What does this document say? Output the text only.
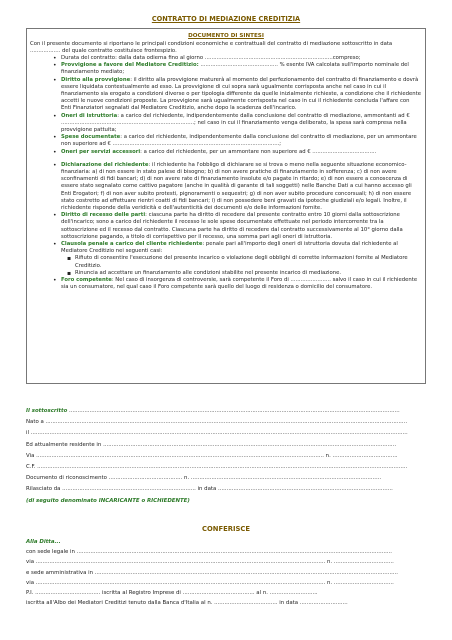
CONTRATTO DI MEDIAZIONE CREDITIZIA
DOCUMENTO DI SINTESI
Con il presente documento si riportano le principali condizioni economiche e contrattuali del contratto di mediazione sottoscritto in data .................. del quale contratto costituisce frontespizio.
• Durata del contratto: dalla data odierna fino al giorno ............................................................................compreso;
• Provvigione a favore del Mediatore Creditizio: .............................................. % esente IVA calcolata sull'importo nominale del finanziamento mediato;
• Diritto alla provvigione: il diritto alla provvigione maturerà al momento del perfezionamento del contratto di finanziamento e dovrà essere liquidata contestualmente ad esso. La provvigione di cui sopra sarà ugualmente corrisposta anche nel caso in cui il finanziamento sia erogato a condizioni diverse o per tipologia differente da quelle inizialmente richieste, a condizione che il richiedente accetti le nuove condizioni proposte. La provvigione sarà ugualmente corrisposta nel caso in cui il richiedente concluda l'affare con Enti Finanziatori segnalati dal Mediatore Creditizio, anche dopo la scadenza dell'incarico.
• Oneri di istruttoria: a carico del richiedente, indipendentemente dalla conclusione del contratto di mediazione, ammontanti ad € ...............................................................................; nel caso in cui il finanziamento venga deliberato, la spesa sarà compresa nella provvigione pattuita;
• Spese documentate: a carico del richiedente, indipendentemente dalla conclusione del contratto di mediazione, per un ammontare non superiore ad € ...................................................................................................;
• Oneri per servizi accessori: a carico del richiedente, per un ammontare non superiore ad € ......................................
• Dichiarazione del richiedente: il richiedente ha l'obbligo di dichiarare se si trova o meno nella seguente situazione economico-finanziaria: a) di non essere in stato palese di bisogno; b) di non avere pratiche di finanziamento in sofferenza; c) di non avere sconfinamenti di fidi bancari; d) di non avere rate di finanziamento insolute e/o pagate in ritardo; e) di non essere a conoscenza di essere stato segnalato come cattivo pagatore (anche in qualità di garante di tali soggetti) nelle Banche Dati a cui hanno accesso gli Enti Erogatori; f) di non aver subito protesti, pignoramenti o sequestri; g) di non aver subito procedure concorsuali; h) di non essere stato costretto ad effettuare rientri coatti di fidi bancari; i) di non possedere beni gravati da ipoteche giudiziali e/o legali. Inoltre, il richiedente risponde della veridicità e dell'autenticità dei documenti e/o delle informazioni fornite.
• Diritto di recesso delle parti: ciascuna parte ha diritto di recedere dal presente contratto entro 10 giorni dalla sottoscrizione dell'incarico; sono a carico del richiedente il recesso le sole spese documentate effettuate nel periodo intercorrente tra la sottoscrizione ed il recesso dal contratto. Ciascuna parte ha diritto di recedere dal contratto successivamente al 10° giorno dalla sottoscrizione pagando, a titolo di corrispettivo per il recesso, una somma pari agli oneri di istruttoria.
• Clausola penale a carico del cliente richiedente: penale pari all'importo degli oneri di istruttoria dovuta dal richiedente al Mediatore Creditizio nei seguenti casi:
▪ Rifiuto di consentire l'esecuzione del presente incarico o violazione degli obblighi di corrette informazioni fornite al Mediatore Creditizio.
▪ Rinuncia ad accettare un finanziamento alle condizioni stabilite nel presente incarico di mediazione.
• Foro competente: Nel caso di insorgenza di controversie, sarà competente il Foro di ........................ salvo il caso in cui il richiedente sia un consumatore, nel qual caso il Foro competente sarà quello del luogo di residenza o domicilio del consumatore.
Il sottoscritto .................................................................................................................................................................................................
Nato a ...................................................................................................................................................................................................................
il ............................................................................................................................................................................................................................
Ed attualmente residente in ...........................................................................................................................................................................
Via ........................................................................................................................................................................ n. ......................................
C.F. ........................................................................................................................................................................................................................
Documento di riconoscimento ........................................... n. ...............................................................................................................
Rilasciato da .............................................................................. in data ......................................................................................................
(di seguito denominato INCARICANTE o RICHIEDENTE)
CONFERISCE
Alla Ditta...
con sede legale in ........................................................................................................................................................................................
via ......................................................................................................................................................................... n. ...................................
e sede amministrativa in .................................................................................................................................................................................
via ......................................................................................................................................................................... n. ...................................
P.I. ...................................... iscritta al Registro Imprese di .......................................... al n. ............................
iscritta all'Albo dei Mediatori Creditizi tenuto dalla Banca d'Italia al n. ..................................... in data ............................
